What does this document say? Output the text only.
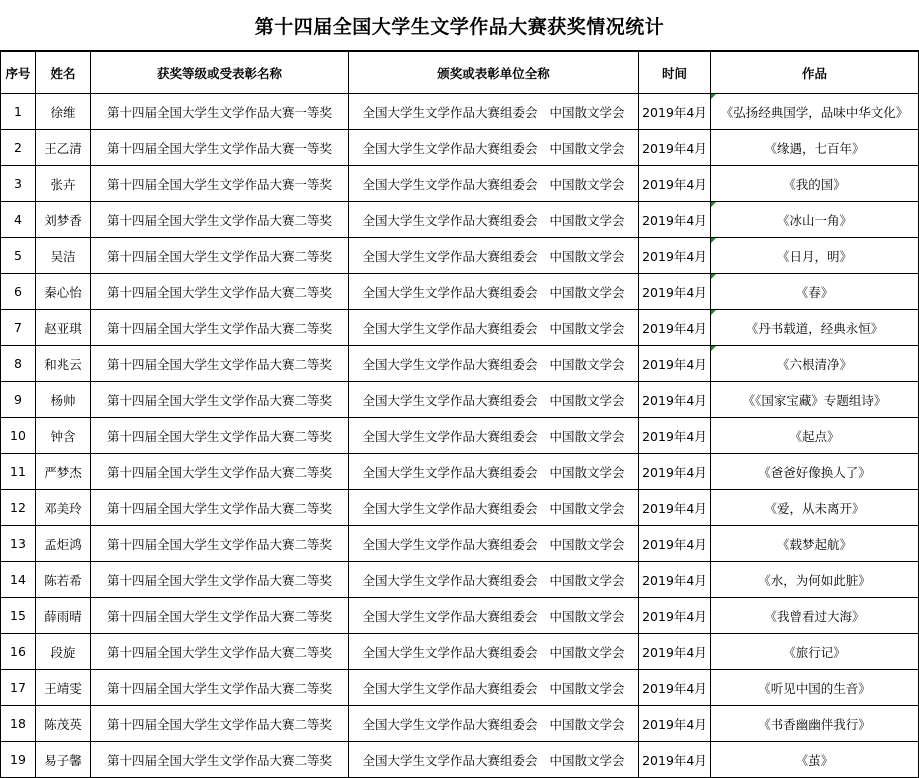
第十四届全国大学生文学作品大赛获奖情况统计
序号	姓名	获奖等级或受表彰名称	颁奖或表彰单位全称	时间	作品
1	徐维	第十四届全国大学生文学作品大赛一等奖	全国大学生文学作品大赛组委会 中国散文学会	2019年4月	《弘扬经典国学，品味中华文化》
2	王乙清	第十四届全国大学生文学作品大赛一等奖	全国大学生文学作品大赛组委会 中国散文学会	2019年4月	《缘遇，七百年》
3	张卉	第十四届全国大学生文学作品大赛一等奖	全国大学生文学作品大赛组委会 中国散文学会	2019年4月	《我的国》
4	刘梦香	第十四届全国大学生文学作品大赛二等奖	全国大学生文学作品大赛组委会 中国散文学会	2019年4月	《冰山一角》
5	吴洁	第十四届全国大学生文学作品大赛二等奖	全国大学生文学作品大赛组委会 中国散文学会	2019年4月	《日月，明》
6	秦心怡	第十四届全国大学生文学作品大赛二等奖	全国大学生文学作品大赛组委会 中国散文学会	2019年4月	《春》
7	赵亚琪	第十四届全国大学生文学作品大赛二等奖	全国大学生文学作品大赛组委会 中国散文学会	2019年4月	《丹书载道，经典永恒》
8	和兆云	第十四届全国大学生文学作品大赛二等奖	全国大学生文学作品大赛组委会 中国散文学会	2019年4月	《六根清净》
9	杨帅	第十四届全国大学生文学作品大赛二等奖	全国大学生文学作品大赛组委会 中国散文学会	2019年4月	《《国家宝藏》专题组诗》
10	钟含	第十四届全国大学生文学作品大赛二等奖	全国大学生文学作品大赛组委会 中国散文学会	2019年4月	《起点》
11	严梦杰	第十四届全国大学生文学作品大赛二等奖	全国大学生文学作品大赛组委会 中国散文学会	2019年4月	《爸爸好像换人了》
12	邓美玲	第十四届全国大学生文学作品大赛二等奖	全国大学生文学作品大赛组委会 中国散文学会	2019年4月	《爱，从未离开》
13	孟炬鸿	第十四届全国大学生文学作品大赛二等奖	全国大学生文学作品大赛组委会 中国散文学会	2019年4月	《载梦起航》
14	陈若希	第十四届全国大学生文学作品大赛二等奖	全国大学生文学作品大赛组委会 中国散文学会	2019年4月	《水，为何如此脏》
15	薛雨晴	第十四届全国大学生文学作品大赛二等奖	全国大学生文学作品大赛组委会 中国散文学会	2019年4月	《我曾看过大海》
16	段旋	第十四届全国大学生文学作品大赛二等奖	全国大学生文学作品大赛组委会 中国散文学会	2019年4月	《旅行记》
17	王靖雯	第十四届全国大学生文学作品大赛二等奖	全国大学生文学作品大赛组委会 中国散文学会	2019年4月	《听见中国的生音》
18	陈茂英	第十四届全国大学生文学作品大赛二等奖	全国大学生文学作品大赛组委会 中国散文学会	2019年4月	《书香幽幽伴我行》
19	易子馨	第十四届全国大学生文学作品大赛二等奖	全国大学生文学作品大赛组委会 中国散文学会	2019年4月	《茧》
